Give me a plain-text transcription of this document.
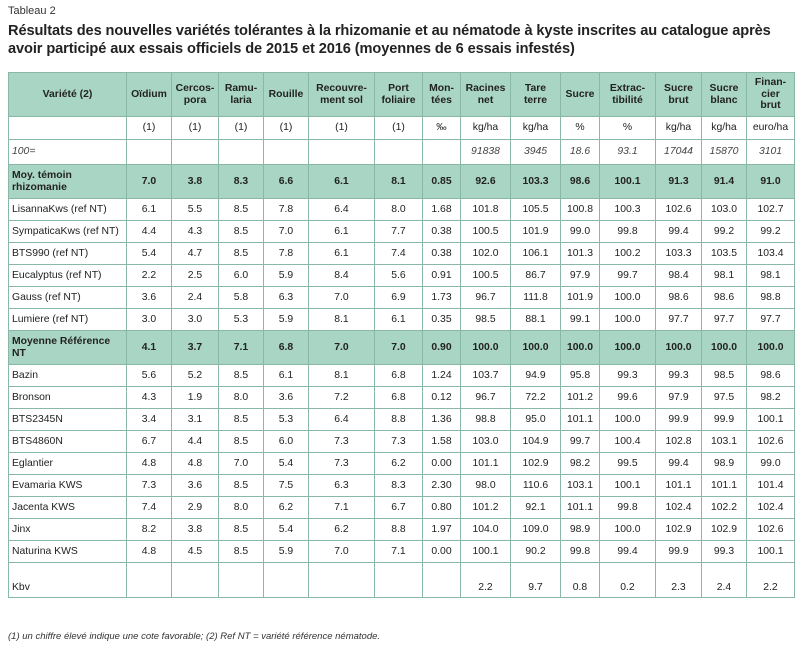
Tableau 2
Résultats des nouvelles variétés tolérantes à la rhizomanie et au nématode à kyste inscrites au catalogue après avoir participé aux essais officiels de 2015 et 2016 (moyennes de 6 essais infestés)
Variété (2)	Oïdium	Cercos-pora	Ramu-laria	Rouille	Recouvre-ment sol	Port foliaire	Mon-tées	Racines net	Tare terre	Sucre	Extrac-tibilité	Sucre brut	Sucre blanc	Finan-cier brut
	(1)	(1)	(1)	(1)	(1)	(1)	‰	kg/ha	kg/ha	%	%	kg/ha	kg/ha	euro/ha
100=								91838	3945	18.6	93.1	17044	15870	3101
Moy. témoin rhizomanie	7.0	3.8	8.3	6.6	6.1	8.1	0.85	92.6	103.3	98.6	100.1	91.3	91.4	91.0
LisannaKws (ref NT)	6.1	5.5	8.5	7.8	6.4	8.0	1.68	101.8	105.5	100.8	100.3	102.6	103.0	102.7
SympaticaKws (ref NT)	4.4	4.3	8.5	7.0	6.1	7.7	0.38	100.5	101.9	99.0	99.8	99.4	99.2	99.2
BTS990 (ref NT)	5.4	4.7	8.5	7.8	6.1	7.4	0.38	102.0	106.1	101.3	100.2	103.3	103.5	103.4
Eucalyptus (ref NT)	2.2	2.5	6.0	5.9	8.4	5.6	0.91	100.5	86.7	97.9	99.7	98.4	98.1	98.1
Gauss (ref NT)	3.6	2.4	5.8	6.3	7.0	6.9	1.73	96.7	111.8	101.9	100.0	98.6	98.6	98.8
Lumiere (ref NT)	3.0	3.0	5.3	5.9	8.1	6.1	0.35	98.5	88.1	99.1	100.0	97.7	97.7	97.7
Moyenne Référence NT	4.1	3.7	7.1	6.8	7.0	7.0	0.90	100.0	100.0	100.0	100.0	100.0	100.0	100.0
Bazin	5.6	5.2	8.5	6.1	8.1	6.8	1.24	103.7	94.9	95.8	99.3	99.3	98.5	98.6
Bronson	4.3	1.9	8.0	3.6	7.2	6.8	0.12	96.7	72.2	101.2	99.6	97.9	97.5	98.2
BTS2345N	3.4	3.1	8.5	5.3	6.4	8.8	1.36	98.8	95.0	101.1	100.0	99.9	99.9	100.1
BTS4860N	6.7	4.4	8.5	6.0	7.3	7.3	1.58	103.0	104.9	99.7	100.4	102.8	103.1	102.6
Eglantier	4.8	4.8	7.0	5.4	7.3	6.2	0.00	101.1	102.9	98.2	99.5	99.4	98.9	99.0
Evamaria KWS	7.3	3.6	8.5	7.5	6.3	8.3	2.30	98.0	110.6	103.1	100.1	101.1	101.1	101.4
Jacenta KWS	7.4	2.9	8.0	6.2	7.1	6.7	0.80	101.2	92.1	101.1	99.8	102.4	102.2	102.4
Jinx	8.2	3.8	8.5	5.4	6.2	8.8	1.97	104.0	109.0	98.9	100.0	102.9	102.9	102.6
Naturina KWS	4.8	4.5	8.5	5.9	7.0	7.1	0.00	100.1	90.2	99.8	99.4	99.9	99.3	100.1
Kbv								2.2	9.7	0.8	0.2	2.3	2.4	2.2
(1) un chiffre élevé indique une cote favorable; (2) Ref NT = variété référence nématode.
